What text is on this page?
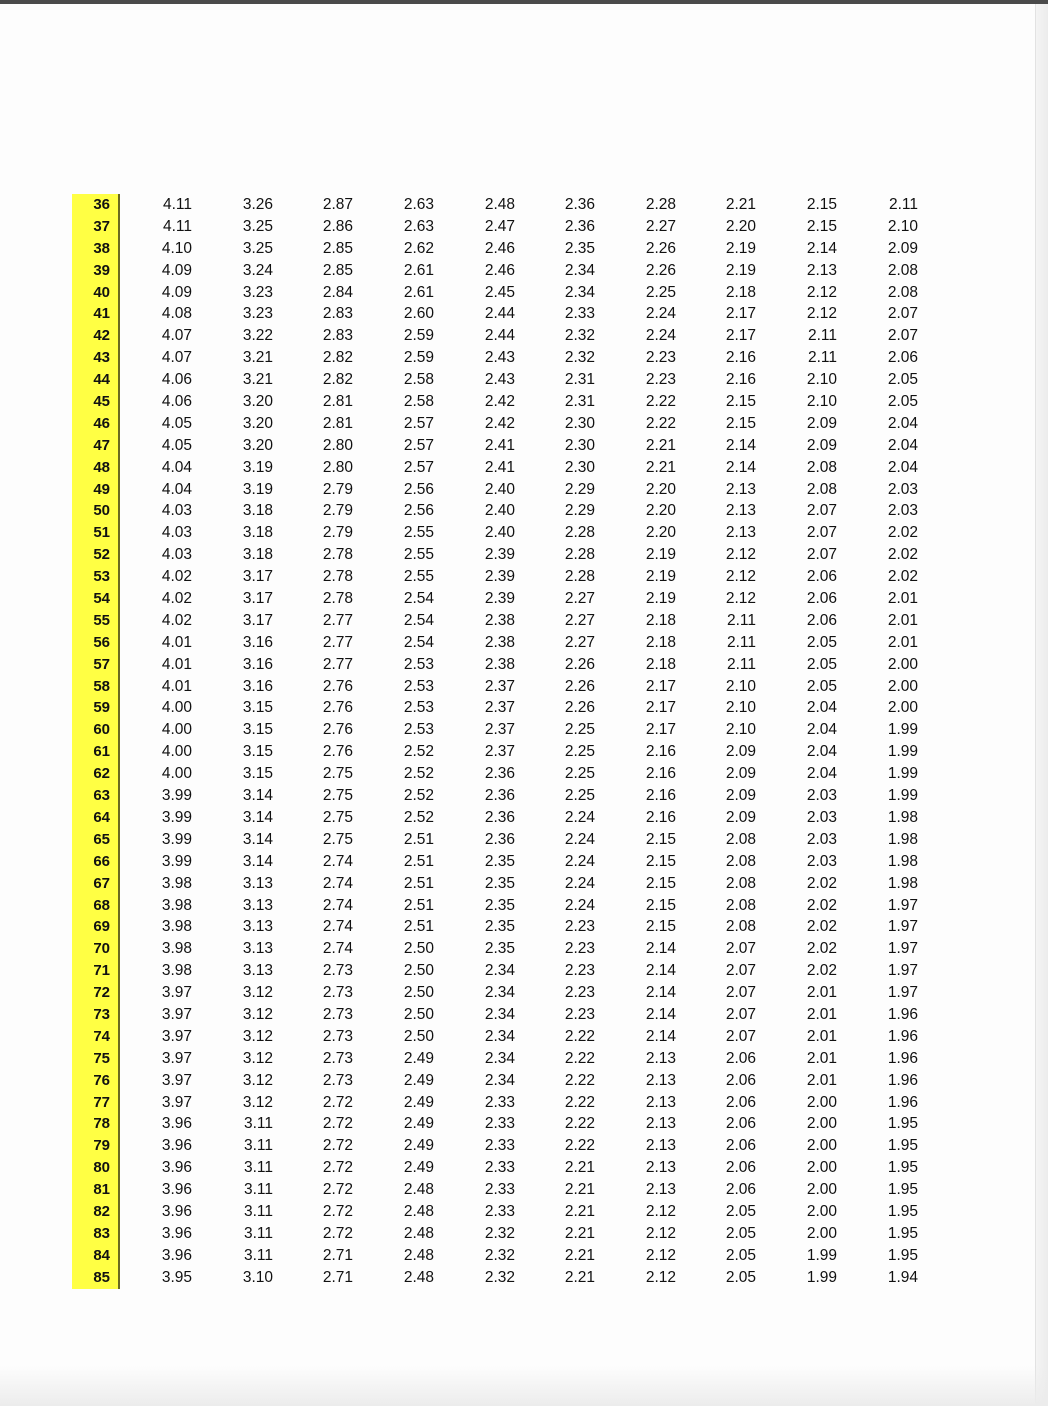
36	4.11	3.26	2.87	2.63	2.48	2.36	2.28	2.21	2.15	2.11
37	4.11	3.25	2.86	2.63	2.47	2.36	2.27	2.20	2.15	2.10
38	4.10	3.25	2.85	2.62	2.46	2.35	2.26	2.19	2.14	2.09
39	4.09	3.24	2.85	2.61	2.46	2.34	2.26	2.19	2.13	2.08
40	4.09	3.23	2.84	2.61	2.45	2.34	2.25	2.18	2.12	2.08
41	4.08	3.23	2.83	2.60	2.44	2.33	2.24	2.17	2.12	2.07
42	4.07	3.22	2.83	2.59	2.44	2.32	2.24	2.17	2.11	2.07
43	4.07	3.21	2.82	2.59	2.43	2.32	2.23	2.16	2.11	2.06
44	4.06	3.21	2.82	2.58	2.43	2.31	2.23	2.16	2.10	2.05
45	4.06	3.20	2.81	2.58	2.42	2.31	2.22	2.15	2.10	2.05
46	4.05	3.20	2.81	2.57	2.42	2.30	2.22	2.15	2.09	2.04
47	4.05	3.20	2.80	2.57	2.41	2.30	2.21	2.14	2.09	2.04
48	4.04	3.19	2.80	2.57	2.41	2.30	2.21	2.14	2.08	2.04
49	4.04	3.19	2.79	2.56	2.40	2.29	2.20	2.13	2.08	2.03
50	4.03	3.18	2.79	2.56	2.40	2.29	2.20	2.13	2.07	2.03
51	4.03	3.18	2.79	2.55	2.40	2.28	2.20	2.13	2.07	2.02
52	4.03	3.18	2.78	2.55	2.39	2.28	2.19	2.12	2.07	2.02
53	4.02	3.17	2.78	2.55	2.39	2.28	2.19	2.12	2.06	2.02
54	4.02	3.17	2.78	2.54	2.39	2.27	2.19	2.12	2.06	2.01
55	4.02	3.17	2.77	2.54	2.38	2.27	2.18	2.11	2.06	2.01
56	4.01	3.16	2.77	2.54	2.38	2.27	2.18	2.11	2.05	2.01
57	4.01	3.16	2.77	2.53	2.38	2.26	2.18	2.11	2.05	2.00
58	4.01	3.16	2.76	2.53	2.37	2.26	2.17	2.10	2.05	2.00
59	4.00	3.15	2.76	2.53	2.37	2.26	2.17	2.10	2.04	2.00
60	4.00	3.15	2.76	2.53	2.37	2.25	2.17	2.10	2.04	1.99
61	4.00	3.15	2.76	2.52	2.37	2.25	2.16	2.09	2.04	1.99
62	4.00	3.15	2.75	2.52	2.36	2.25	2.16	2.09	2.04	1.99
63	3.99	3.14	2.75	2.52	2.36	2.25	2.16	2.09	2.03	1.99
64	3.99	3.14	2.75	2.52	2.36	2.24	2.16	2.09	2.03	1.98
65	3.99	3.14	2.75	2.51	2.36	2.24	2.15	2.08	2.03	1.98
66	3.99	3.14	2.74	2.51	2.35	2.24	2.15	2.08	2.03	1.98
67	3.98	3.13	2.74	2.51	2.35	2.24	2.15	2.08	2.02	1.98
68	3.98	3.13	2.74	2.51	2.35	2.24	2.15	2.08	2.02	1.97
69	3.98	3.13	2.74	2.51	2.35	2.23	2.15	2.08	2.02	1.97
70	3.98	3.13	2.74	2.50	2.35	2.23	2.14	2.07	2.02	1.97
71	3.98	3.13	2.73	2.50	2.34	2.23	2.14	2.07	2.02	1.97
72	3.97	3.12	2.73	2.50	2.34	2.23	2.14	2.07	2.01	1.97
73	3.97	3.12	2.73	2.50	2.34	2.23	2.14	2.07	2.01	1.96
74	3.97	3.12	2.73	2.50	2.34	2.22	2.14	2.07	2.01	1.96
75	3.97	3.12	2.73	2.49	2.34	2.22	2.13	2.06	2.01	1.96
76	3.97	3.12	2.73	2.49	2.34	2.22	2.13	2.06	2.01	1.96
77	3.97	3.12	2.72	2.49	2.33	2.22	2.13	2.06	2.00	1.96
78	3.96	3.11	2.72	2.49	2.33	2.22	2.13	2.06	2.00	1.95
79	3.96	3.11	2.72	2.49	2.33	2.22	2.13	2.06	2.00	1.95
80	3.96	3.11	2.72	2.49	2.33	2.21	2.13	2.06	2.00	1.95
81	3.96	3.11	2.72	2.48	2.33	2.21	2.13	2.06	2.00	1.95
82	3.96	3.11	2.72	2.48	2.33	2.21	2.12	2.05	2.00	1.95
83	3.96	3.11	2.72	2.48	2.32	2.21	2.12	2.05	2.00	1.95
84	3.96	3.11	2.71	2.48	2.32	2.21	2.12	2.05	1.99	1.95
85	3.95	3.10	2.71	2.48	2.32	2.21	2.12	2.05	1.99	1.94
